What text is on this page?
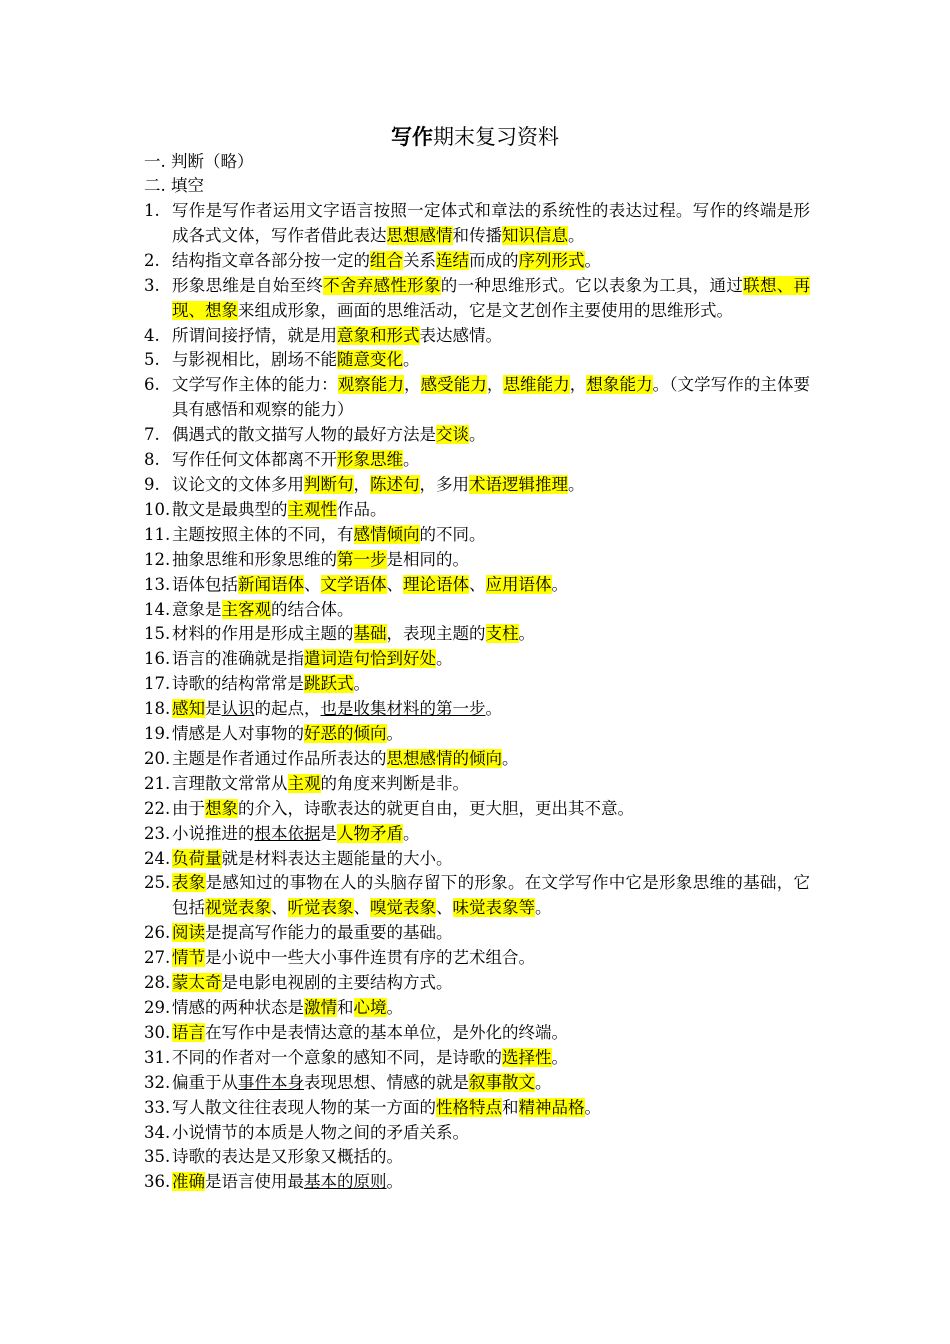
写作期末复习资料
一. 判断（略）
二. 填空
1. 写作是写作者运用文字语言按照一定体式和章法的系统性的表达过程。写作的终端是形成各式文体，写作者借此表达思想感情和传播知识信息。
2. 结构指文章各部分按一定的组合关系连结而成的序列形式。
3. 形象思维是自始至终不舍弃感性形象的一种思维形式。它以表象为工具，通过联想、再现、想象来组成形象，画面的思维活动，它是文艺创作主要使用的思维形式。
4. 所谓间接抒情，就是用意象和形式表达感情。
5. 与影视相比，剧场不能随意变化。
6. 文学写作主体的能力：观察能力，感受能力，思维能力，想象能力。（文学写作的主体要具有感悟和观察的能力）
7. 偶遇式的散文描写人物的最好方法是交谈。
8. 写作任何文体都离不开形象思维。
9. 议论文的文体多用判断句，陈述句，多用术语逻辑推理。
10. 散文是最典型的主观性作品。
11. 主题按照主体的不同，有感情倾向的不同。
12. 抽象思维和形象思维的第一步是相同的。
13. 语体包括新闻语体、文学语体、理论语体、应用语体。
14. 意象是主客观的结合体。
15. 材料的作用是形成主题的基础，表现主题的支柱。
16. 语言的准确就是指遣词造句恰到好处。
17. 诗歌的结构常常是跳跃式。
18. 感知是认识的起点，也是收集材料的第一步。
19. 情感是人对事物的好恶的倾向。
20. 主题是作者通过作品所表达的思想感情的倾向。
21. 言理散文常常从主观的角度来判断是非。
22. 由于想象的介入，诗歌表达的就更自由，更大胆，更出其不意。
23. 小说推进的根本依据是人物矛盾。
24. 负荷量就是材料表达主题能量的大小。
25. 表象是感知过的事物在人的头脑存留下的形象。在文学写作中它是形象思维的基础，它包括视觉表象、听觉表象、嗅觉表象、味觉表象等。
26. 阅读是提高写作能力的最重要的基础。
27. 情节是小说中一些大小事件连贯有序的艺术组合。
28. 蒙太奇是电影电视剧的主要结构方式。
29. 情感的两种状态是激情和心境。
30. 语言在写作中是表情达意的基本单位，是外化的终端。
31. 不同的作者对一个意象的感知不同，是诗歌的选择性。
32. 偏重于从事件本身表现思想、情感的就是叙事散文。
33. 写人散文往往表现人物的某一方面的性格特点和精神品格。
34. 小说情节的本质是人物之间的矛盾关系。
35. 诗歌的表达是又形象又概括的。
36. 准确是语言使用最基本的原则。
